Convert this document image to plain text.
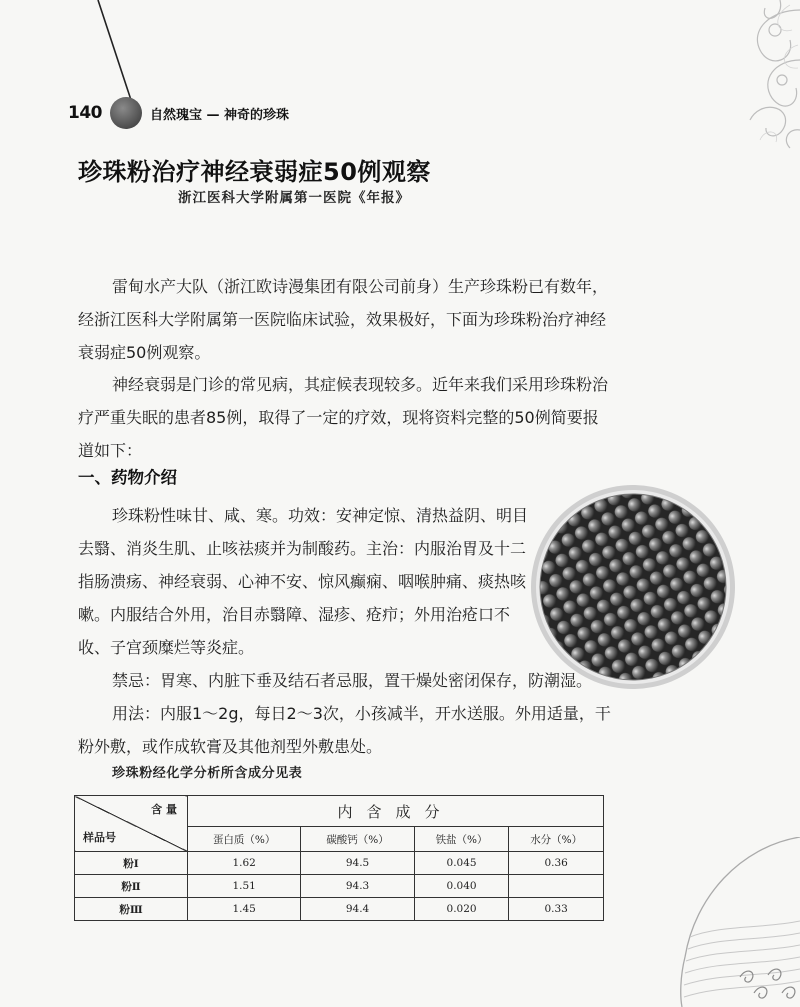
140	自然瑰宝 — 神奇的珍珠
珍珠粉治疗神经衰弱症50例观察
浙江医科大学附属第一医院《年报》

雷甸水产大队（浙江欧诗漫集团有限公司前身）生产珍珠粉已有数年，经浙江医科大学附属第一医院临床试验，效果极好，下面为珍珠粉治疗神经衰弱症50例观察。

神经衰弱是门诊的常见病，其症候表现较多。近年来我们采用珍珠粉治疗严重失眠的患者85例，取得了一定的疗效，现将资料完整的50例简要报道如下：

一、药物介绍

珍珠粉性味甘、咸、寒。功效：安神定惊、清热益阴、明目去翳、消炎生肌、止咳祛痰并为制酸药。主治：内服治胃及十二指肠溃疡、神经衰弱、心神不安、惊风癫痫、咽喉肿痛、痰热咳嗽。内服结合外用，治目赤翳障、湿疹、疮疖；外用治疮口不收、子宫颈糜烂等炎症。

禁忌：胃寒、内脏下垂及结石者忌服，置干燥处密闭保存，防潮湿。

用法：内服1～2g，每日2～3次，小孩减半，开水送服。外用适量，干粉外敷，或作成软膏及其他剂型外敷患处。

珍珠粉经化学分析所含成分见表
含 量
样品号	内含成分			
	蛋白质（%）	碳酸钙（%）	铁盐（%）	水分（%）
粉Ⅰ	1.62	94.5	0.045	0.36
粉Ⅱ	1.51	94.3	0.040	
粉Ⅲ	1.45	94.4	0.020	0.33
